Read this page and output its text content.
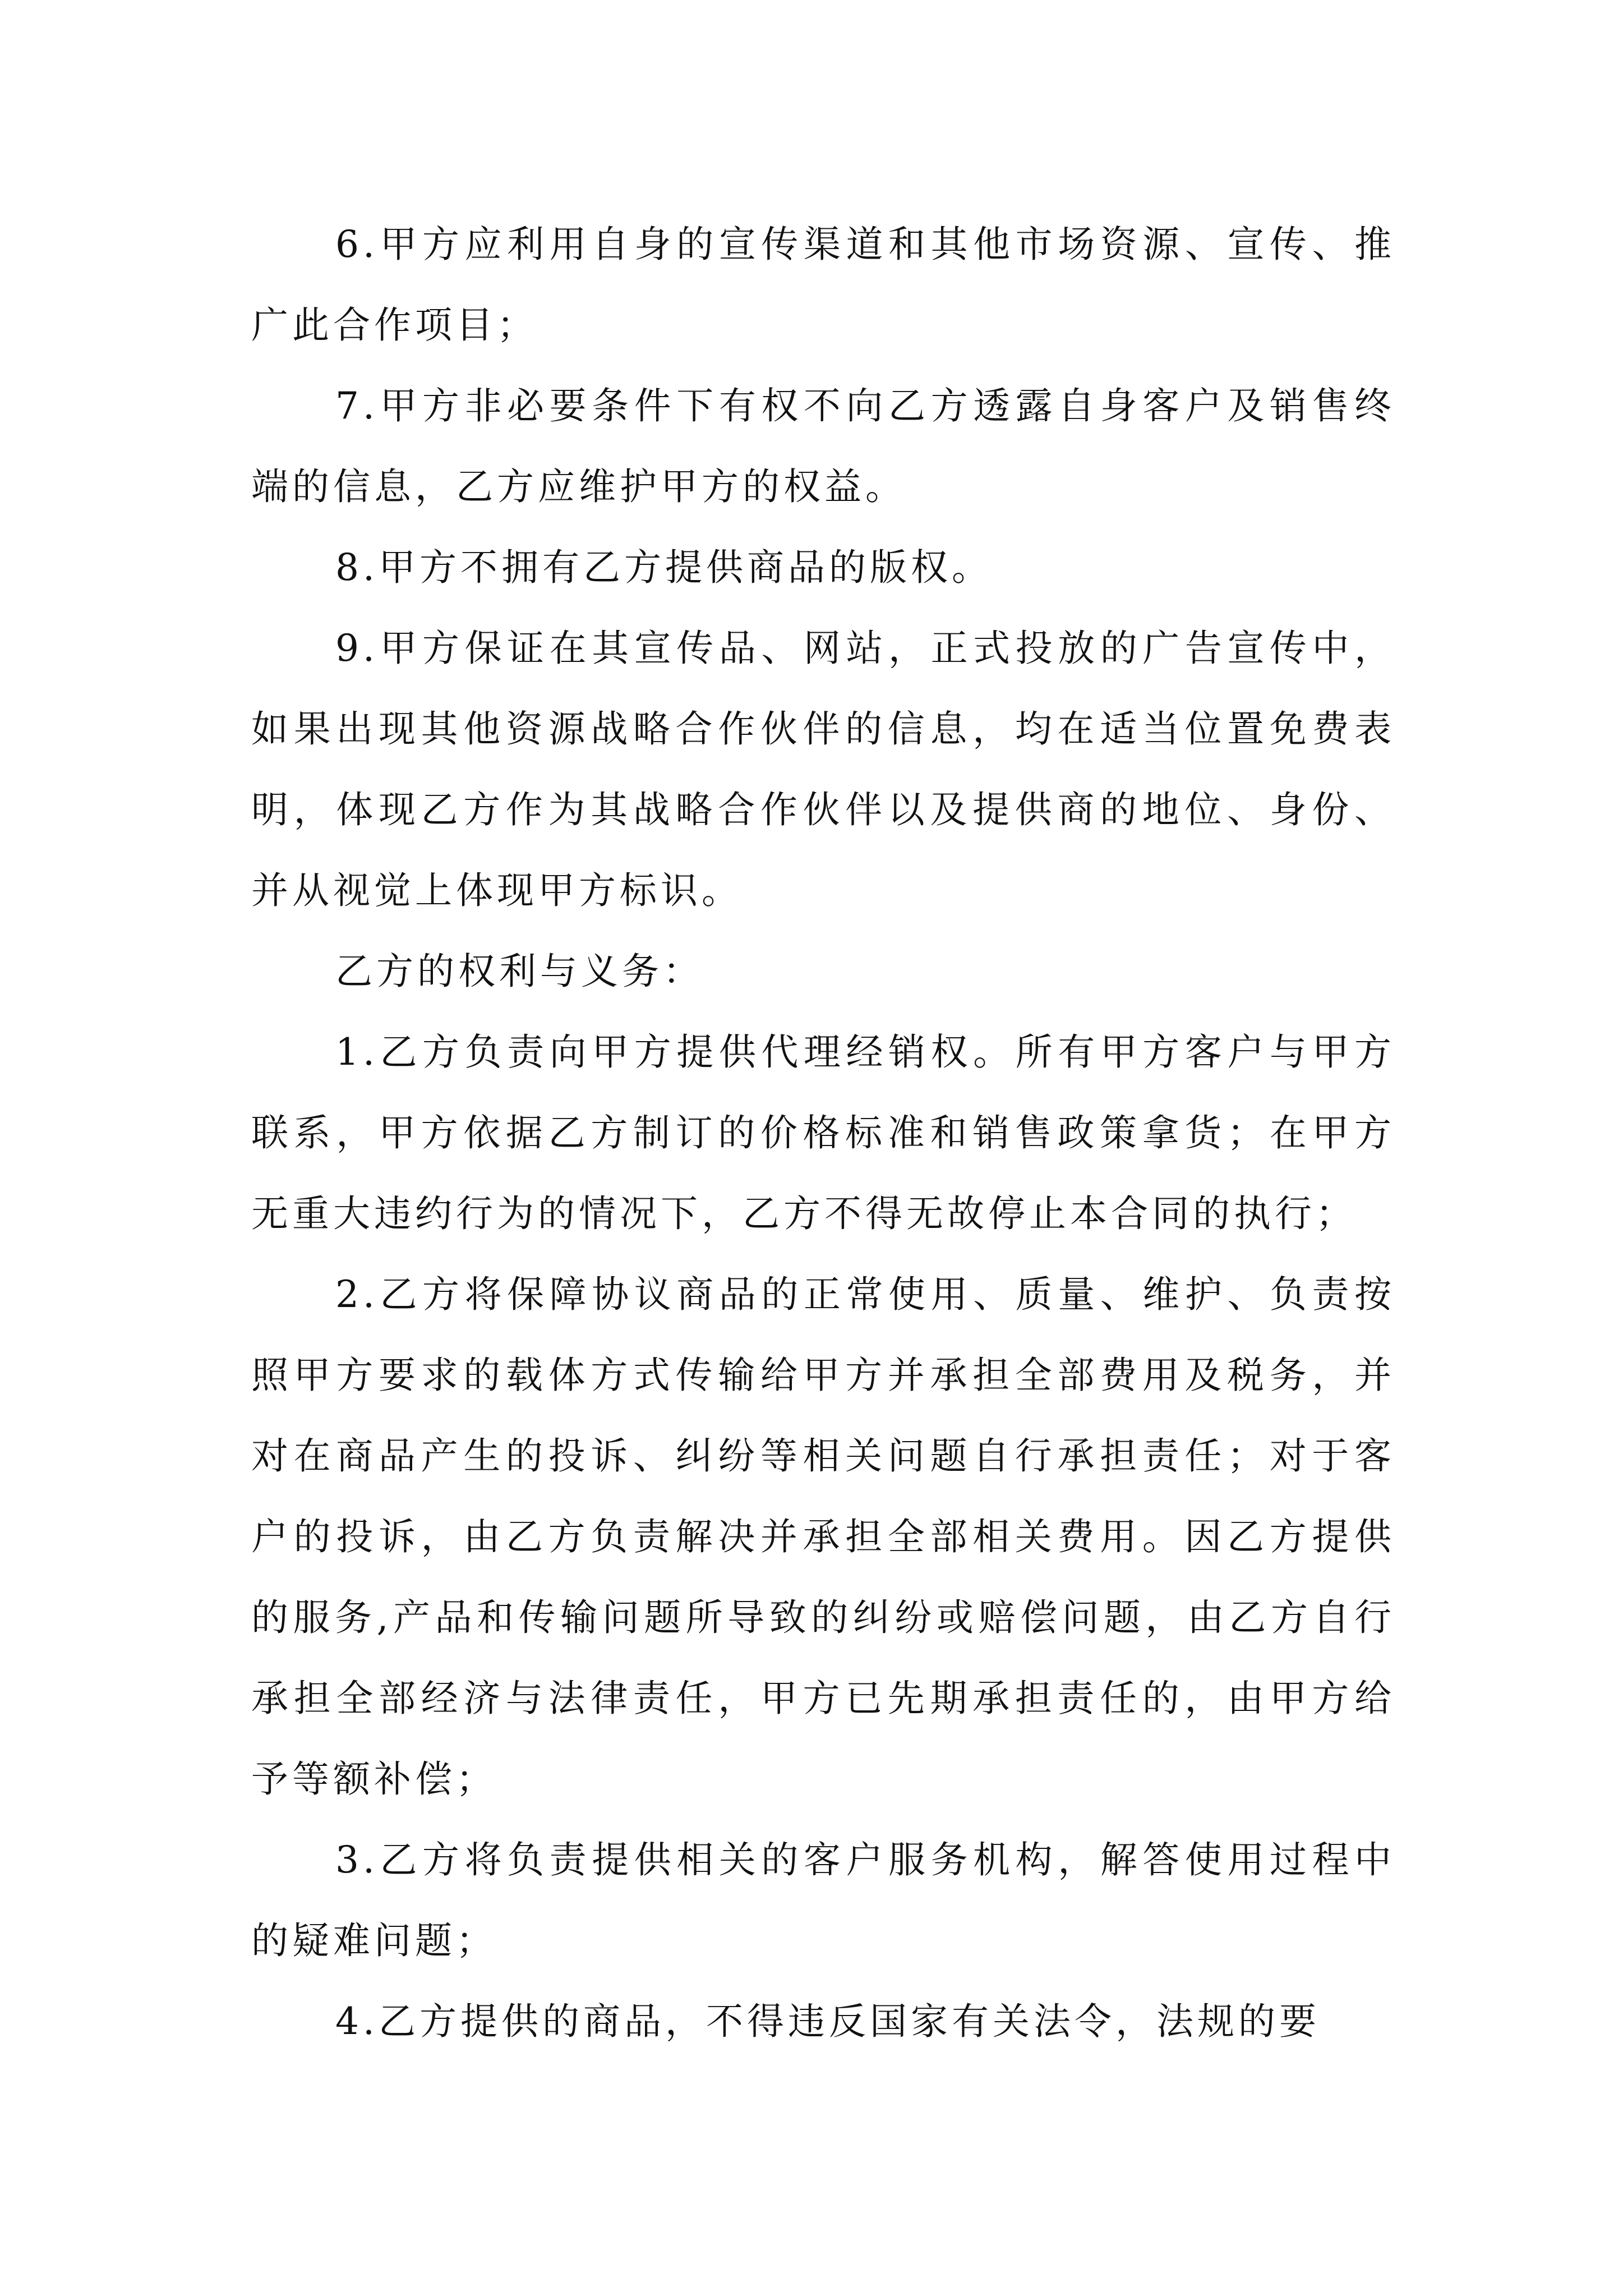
6.甲方应利用自身的宣传渠道和其他市场资源、宣传、推广此合作项目；

7.甲方非必要条件下有权不向乙方透露自身客户及销售终端的信息，乙方应维护甲方的权益。

8.甲方不拥有乙方提供商品的版权。

9.甲方保证在其宣传品、网站，正式投放的广告宣传中，如果出现其他资源战略合作伙伴的信息，均在适当位置免费表明，体现乙方作为其战略合作伙伴以及提供商的地位、身份、并从视觉上体现甲方标识。

乙方的权利与义务：

1.乙方负责向甲方提供代理经销权。所有甲方客户与甲方联系，甲方依据乙方制订的价格标准和销售政策拿货；在甲方无重大违约行为的情况下，乙方不得无故停止本合同的执行；

2.乙方将保障协议商品的正常使用、质量、维护、负责按照甲方要求的载体方式传输给甲方并承担全部费用及税务，并对在商品产生的投诉、纠纷等相关问题自行承担责任；对于客户的投诉，由乙方负责解决并承担全部相关费用。因乙方提供的服务,产品和传输问题所导致的纠纷或赔偿问题，由乙方自行承担全部经济与法律责任，甲方已先期承担责任的，由甲方给予等额补偿；

3.乙方将负责提供相关的客户服务机构，解答使用过程中的疑难问题；

4.乙方提供的商品，不得违反国家有关法令，法规的要
